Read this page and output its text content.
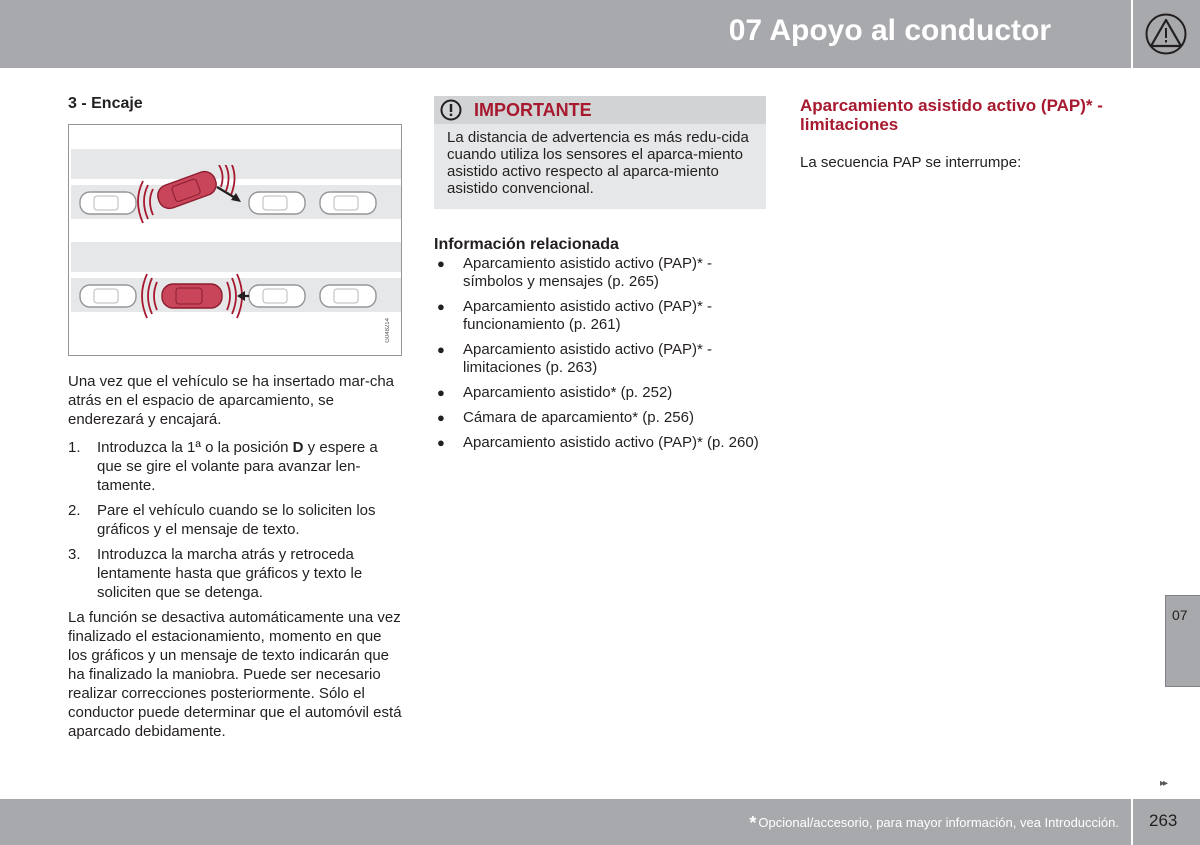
07 Apoyo al conductor
3 - Encaje
G048214

Una vez que el vehículo se ha insertado mar-cha atrás en el espacio de aparcamiento, se enderezará y encajará.

1. Introduzca la 1ª o la posición D y espere a que se gire el volante para avanzar len-tamente.
2. Pare el vehículo cuando se lo soliciten los gráficos y el mensaje de texto.
3. Introduzca la marcha atrás y retroceda lentamente hasta que gráficos y texto le soliciten que se detenga.

La función se desactiva automáticamente una vez finalizado el estacionamiento, momento en que los gráficos y un mensaje de texto indicarán que ha finalizado la maniobra. Puede ser necesario realizar correcciones posteriormente. Sólo el conductor puede determinar que el automóvil está aparcado debidamente.

IMPORTANTE

La distancia de advertencia es más redu-cida cuando utiliza los sensores el aparca-miento asistido activo respecto al aparca-miento asistido convencional.

Información relacionada
● Aparcamiento asistido activo (PAP)* - símbolos y mensajes (p. 265)
● Aparcamiento asistido activo (PAP)* - funcionamiento (p. 261)
● Aparcamiento asistido activo (PAP)* - limitaciones (p. 263)
● Aparcamiento asistido* (p. 252)
● Cámara de aparcamiento* (p. 256)
● Aparcamiento asistido activo (PAP)* (p. 260)
Aparcamiento asistido activo (PAP)* - limitaciones

La secuencia PAP se interrumpe:

07
▸▸
* Opcional/accesorio, para mayor información, vea Introducción. 263
